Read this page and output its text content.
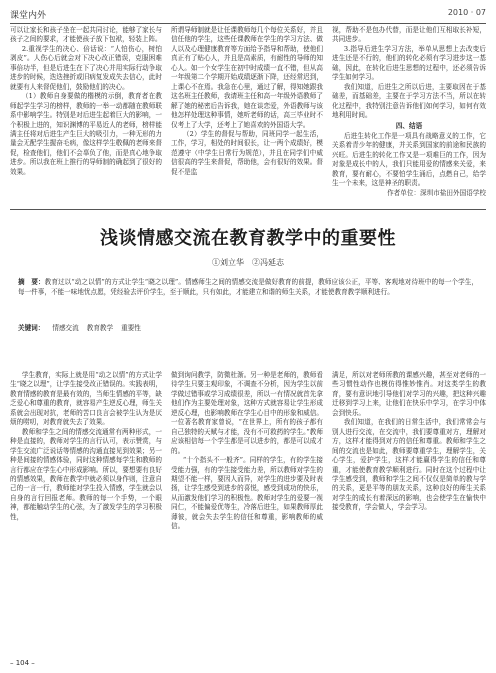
课堂内外	2010 · 07

可以让家长和孩子坐在一起共同讨论，能够了家长与孩子之间的要求，才能使孩子放下包袱，轻装上阵。

2.重视学生的决心、倍话说：“人怕伤心，树怕剥皮”。人伤心后就会对下决心改正错误，克服困难事倍功半，但是后进生在下了决心并用实际行动争取进步的时候，迭迭挫折或旧病复发成失去信心，此时就要有人来督促他们，鼓励他们的决心。

（1）教师自身要做的楷模的示倒，教育者在教师起学生学习的榜样，教师的一举一动都随在教师联系中影响学生。特别是对后进生起着巨大的影响，一个积极上进的，知识渊博的平易近人的老师，榜样能满主任将对后进生产生巨大的吸引力，一种无形的力量会无配学生握奋毛病，像这样学生敬佩的老师来督促，检查他们，他们不会辜负了他，而是真心地争取进步。所以我在班上推行的导师制的确起到了很好的效果。

所谓导师制就是让任课教师每几个每位关系好，并且信任他的学生，这些任课教师在学生的学习方法、做人以及心理健康教育等方面给予指导和帮助，使他们真正有了贴心人，并且是高素质，有耐性的导师的知心人。如一个女学生在初中时成绩一直不错，但从高一年级第二个学期开始成绩逐渐下降，还经常迟到，上课心不在焉。我急在心里，通过了解，得知她跟我这名班主任教师，我请班主任和高一年级外语教师了解了她的秘密后告诉我，她在谈恋爱，外语教师与该他怎样处理这种事情，她听老师的话，高三毕业时不仅考上了大学，还考上了她喜欢的外国语大学。

（2）学生的督促与帮助，同班同学一起生活，工作，学习，相处的时间很长，让一两个成绩好，模范遵守（中学生日常行为规范），并且在同学们中威信很高的学生来督促，帮助他，会有很好的效果。督促不是监

视，帮助不是包办代替，而是让他们互相取长补短，共同进步。

3.指导后进生学习方法，举单从思想上去改变后进生还是不行的，他们的转化必须有学习进步这一基础，因此，在转化后进生思想的过程中，还必须告诉学生如何学习。

我们知道，后进生之所以后进，主要取因在于基础差，而基础差，主要在于学习方法不当，所以在转化过程中，我特别注意告诉他们如何学习，如何有效地利用时间。

四、结语

后进生转化工作是一项具有战略意义的工作，它关系着青少年的健康，并关系到国家的前途和民族的兴旺。后进生的转化工作又是一项难巨的工作，因为对象是成长中的人，我们只能用爱的情感来关爱，来教育，要有耐心，不要怕学生涌后，点燃自己，给学生一个未来，这是神圣的职责。

作者单位：深圳市盐田外国语学校

浅谈情感交流在教育教学中的重要性
①刘立华　②冯延志
摘　要：教育过以“动之以情”的方式让学生“晓之以理”。情感师生之间的情感交流是做好教育的前提，教师应该公正，平等、客观地对待班中的每一个学生，每一件事，不能一味地忧点愿，凭经验去评价学生，至于顺此，只有如此，才能建立和谐的师生关系，才能使教育教学顺利进行。
关键词： 情感交流 教育教学 重要性

学生教育，实际上就是用“动之以情”的方式让学生“晓之以理”，让学生接受改正错误的。实践表明，教育情感的教育是最有效的，当师生情感的平等，缺乏爱心和尊重的教育，就容易产生逆反心理，师生关系就会出现对抗，老师的苦口良言会被学生认为是厌烦的唠叨，对教育就失去了效果。

教师和学生之间的情感交流通常有两种形式，一种是直接的，教师对学生的言行认可，表示赞赏，与学生交流广泛说话等情感的沟通直接见到效果；另一种是间接的情感体验，同时这种情感每学生和教师的言行都应在学生心中形成影响。所以，要想要有良好的情感效果，教师在教学中就必须以身作则，注意自己的一言一行，教师能对学生投入情感，学生就会以自身的言行回报老师。教师的每一个手势，一个眼神，都能触动学生的心弦，为了激发学生的学习积极性，

做到询问教学，防微杜渐。另一种是老师的，教师看待学生只要主观印象，不调查不分析，因为学生以前学做过错事或学习成绩很差，所以一有情况就首先拿他们作为主要处理对象，这种方式就容易让学生形成逆反心理，也影响教师在学生心目中的形象和威信。一位著名教育家曾说，“在世界上，所有的孩子都有自己独特的天赋与才能，没有不可救药的学生。”教师应该相信每一个学生都是可以进步的，都是可以成才的。

“十个指头不一般齐”。同样的学生，有的学生接受能力强，有的学生接受能力差，所以教师对学生的期望不能一样，要因人而异，对学生的进步要及时表扬，让学生感受到进步的喜悦，感受到成功的快乐，从而激发他们学习的积极性。教师对学生的爱要一视同仁，不能偏爱优等生，冷落后进生，如果教师厚此薄彼，就会失去学生的信任和尊重，影响教师的威信。

满足，所以对老师所教的课感兴趣，甚至对老师的一些习惯性动作也模仿得惟妙惟肖。对这类学生的教育，要有意识地引导他们对学习的兴趣，把这种兴趣迁移到学习上来，让他们在快乐中学习，在学习中体会到快乐。

我们知道，在我们的日常生活中，我们常常会与别人进行交流，在交流中，我们要尊重对方，理解对方，这样才能得到对方的信任和尊重。教师和学生之间的交流也是如此，教师要尊重学生，理解学生，关心学生，爱护学生，这样才能赢得学生的信任和尊重，才能使教育教学顺利进行。同时在这个过程中让学生感受到，教师和学生之间不仅仅是简单的教与学的关系，更是平等的朋友关系，这种良好的师生关系对学生的成长有着深远的影响，也会使学生在愉快中接受教育，学会做人，学会学习。

– 104 –
